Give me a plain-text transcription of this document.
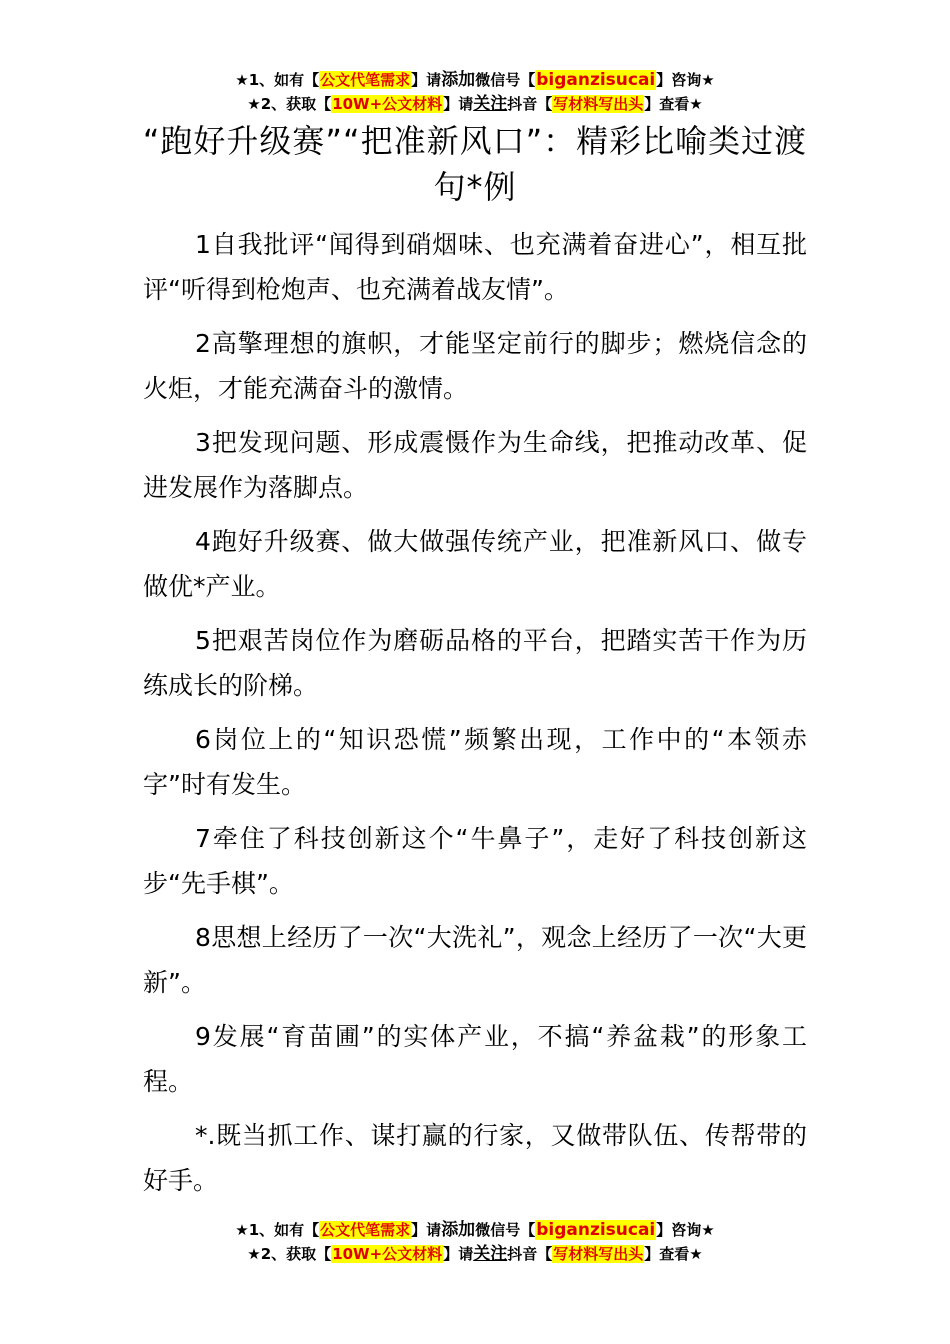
★1、如有【公文代笔需求】请添加微信号【biganzisucai】咨询★
★2、获取【10W+公文材料】请关注抖音【写材料写出头】查看★
“跑好升级赛”“把准新风口”：精彩比喻类过渡句*例

1自我批评“闻得到硝烟味、也充满着奋进心”，相互批评“听得到枪炮声、也充满着战友情”。

2高擎理想的旗帜，才能坚定前行的脚步；燃烧信念的火炬，才能充满奋斗的激情。

3把发现问题、形成震慑作为生命线，把推动改革、促进发展作为落脚点。

4跑好升级赛、做大做强传统产业，把准新风口、做专做优*产业。

5把艰苦岗位作为磨砺品格的平台，把踏实苦干作为历练成长的阶梯。

6岗位上的“知识恐慌”频繁出现，工作中的“本领赤字”时有发生。

7牵住了科技创新这个“牛鼻子”，走好了科技创新这步“先手棋”。

8思想上经历了一次“大洗礼”，观念上经历了一次“大更新”。

9发展“育苗圃”的实体产业，不搞“养盆栽”的形象工程。

*.既当抓工作、谋打赢的行家，又做带队伍、传帮带的好手。

★1、如有【公文代笔需求】请添加微信号【biganzisucai】咨询★
★2、获取【10W+公文材料】请关注抖音【写材料写出头】查看★
